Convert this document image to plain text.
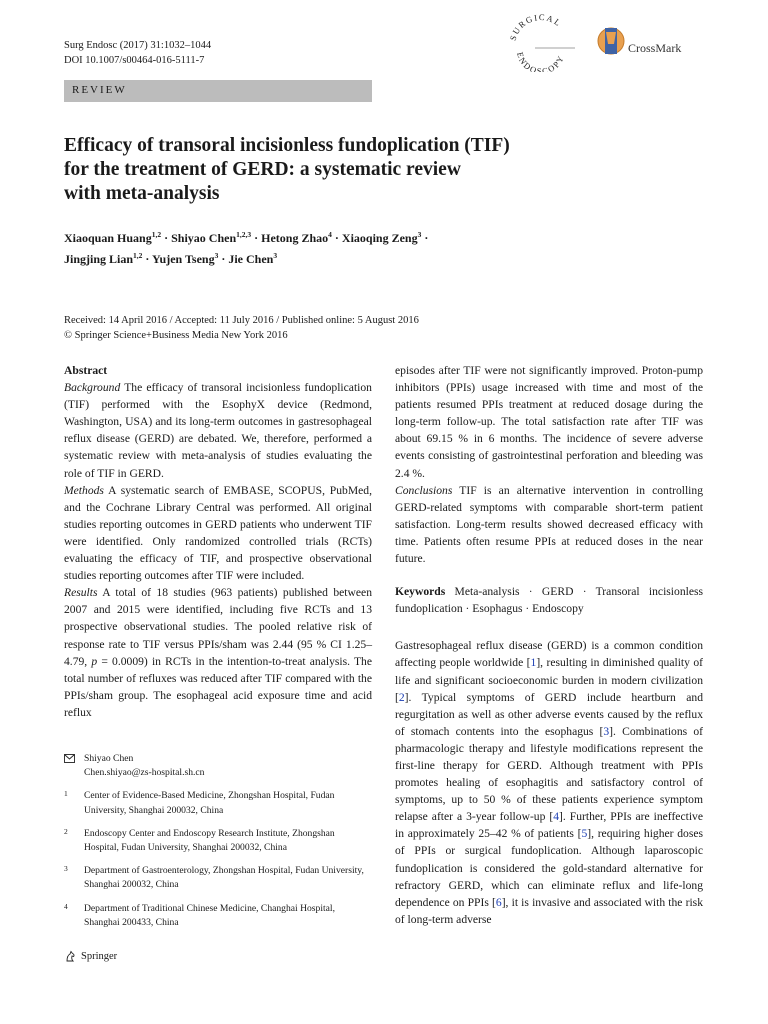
Surg Endosc (2017) 31:1032–1044
DOI 10.1007/s00464-016-5111-7
SURGICAL
ENDOSCOPY
CrossMark
REVIEW
Efficacy of transoral incisionless fundoplication (TIF)
for the treatment of GERD: a systematic review
with meta-analysis
Xiaoquan Huang$^{1,2}$ · Shiyao Chen$^{1,2,3}$ · Hetong Zhao$^4$ · Xiaoqing Zeng$^3$ ·
Jingjing Lian$^{1,2}$ · Yujen Tseng$^3$ · Jie Chen$^3$
Received: 14 April 2016 / Accepted: 11 July 2016 / Published online: 5 August 2016
© Springer Science+Business Media New York 2016

Abstract

Background The efficacy of transoral incisionless fundoplication (TIF) performed with the EsophyX device (Redmond, Washington, USA) and its long-term outcomes in gastresophageal reflux disease (GERD) are debated. We, therefore, performed a systematic review with meta-analysis of studies evaluating the role of TIF in GERD.

Methods A systematic search of EMBASE, SCOPUS, PubMed, and the Cochrane Library Central was performed. All original studies reporting outcomes in GERD patients who underwent TIF were identified. Only randomized controlled trials (RCTs) evaluating the efficacy of TIF, and prospective observational studies reporting outcomes after TIF were included.

Results A total of 18 studies (963 patients) published between 2007 and 2015 were identified, including five RCTs and 13 prospective observational studies. The pooled relative risk of response rate to TIF versus PPIs/sham was 2.44 (95 % CI 1.25–4.79, p = 0.0009) in RCTs in the intention-to-treat analysis. The total number of refluxes was reduced after TIF compared with the PPIs/sham group. The esophageal acid exposure time and acid reflux

episodes after TIF were not significantly improved. Proton-pump inhibitors (PPIs) usage increased with time and most of the patients resumed PPIs treatment at reduced dosage during the long-term follow-up. The total satisfaction rate after TIF was about 69.15 % in 6 months. The incidence of severe adverse events consisting of gastrointestinal perforation and bleeding was 2.4 %.

Conclusions TIF is an alternative intervention in controlling GERD-related symptoms with comparable short-term patient satisfaction. Long-term results showed decreased efficacy with time. Patients often resume PPIs at reduced doses in the near future.

Keywords Meta-analysis · GERD · Transoral incisionless fundoplication · Esophagus · Endoscopy

Gastresophageal reflux disease (GERD) is a common condition affecting people worldwide [1], resulting in diminished quality of life and significant socioeconomic burden in modern civilization [2]. Typical symptoms of GERD include heartburn and regurgitation as well as other adverse events caused by the reflux of stomach contents into the esophagus [3]. Combinations of pharmacologic therapy and lifestyle modifications represent the first-line therapy for GERD. Although treatment with PPIs promotes healing of esophagitis and satisfactory control of symptoms, up to 50 % of these patients experience symptom relapse after a 3-year follow-up [4]. Further, PPIs are ineffective in approximately 25–42 % of patients [5], requiring higher doses of PPIs or surgical fundoplication. Although laparoscopic fundoplication is considered the gold-standard alternative for refractory GERD, which can eliminate reflux and life-long dependence on PPIs [6], it is invasive and associated with the risk of long-term adverse

Shiyao Chen
Chen.shiyao@zs-hospital.sh.cn
1 Center of Evidence-Based Medicine, Zhongshan Hospital, Fudan University, Shanghai 200032, China
2 Endoscopy Center and Endoscopy Research Institute, Zhongshan Hospital, Fudan University, Shanghai 200032, China
3 Department of Gastroenterology, Zhongshan Hospital, Fudan University, Shanghai 200032, China
4 Department of Traditional Chinese Medicine, Changhai Hospital, Shanghai 200433, China
Springer
